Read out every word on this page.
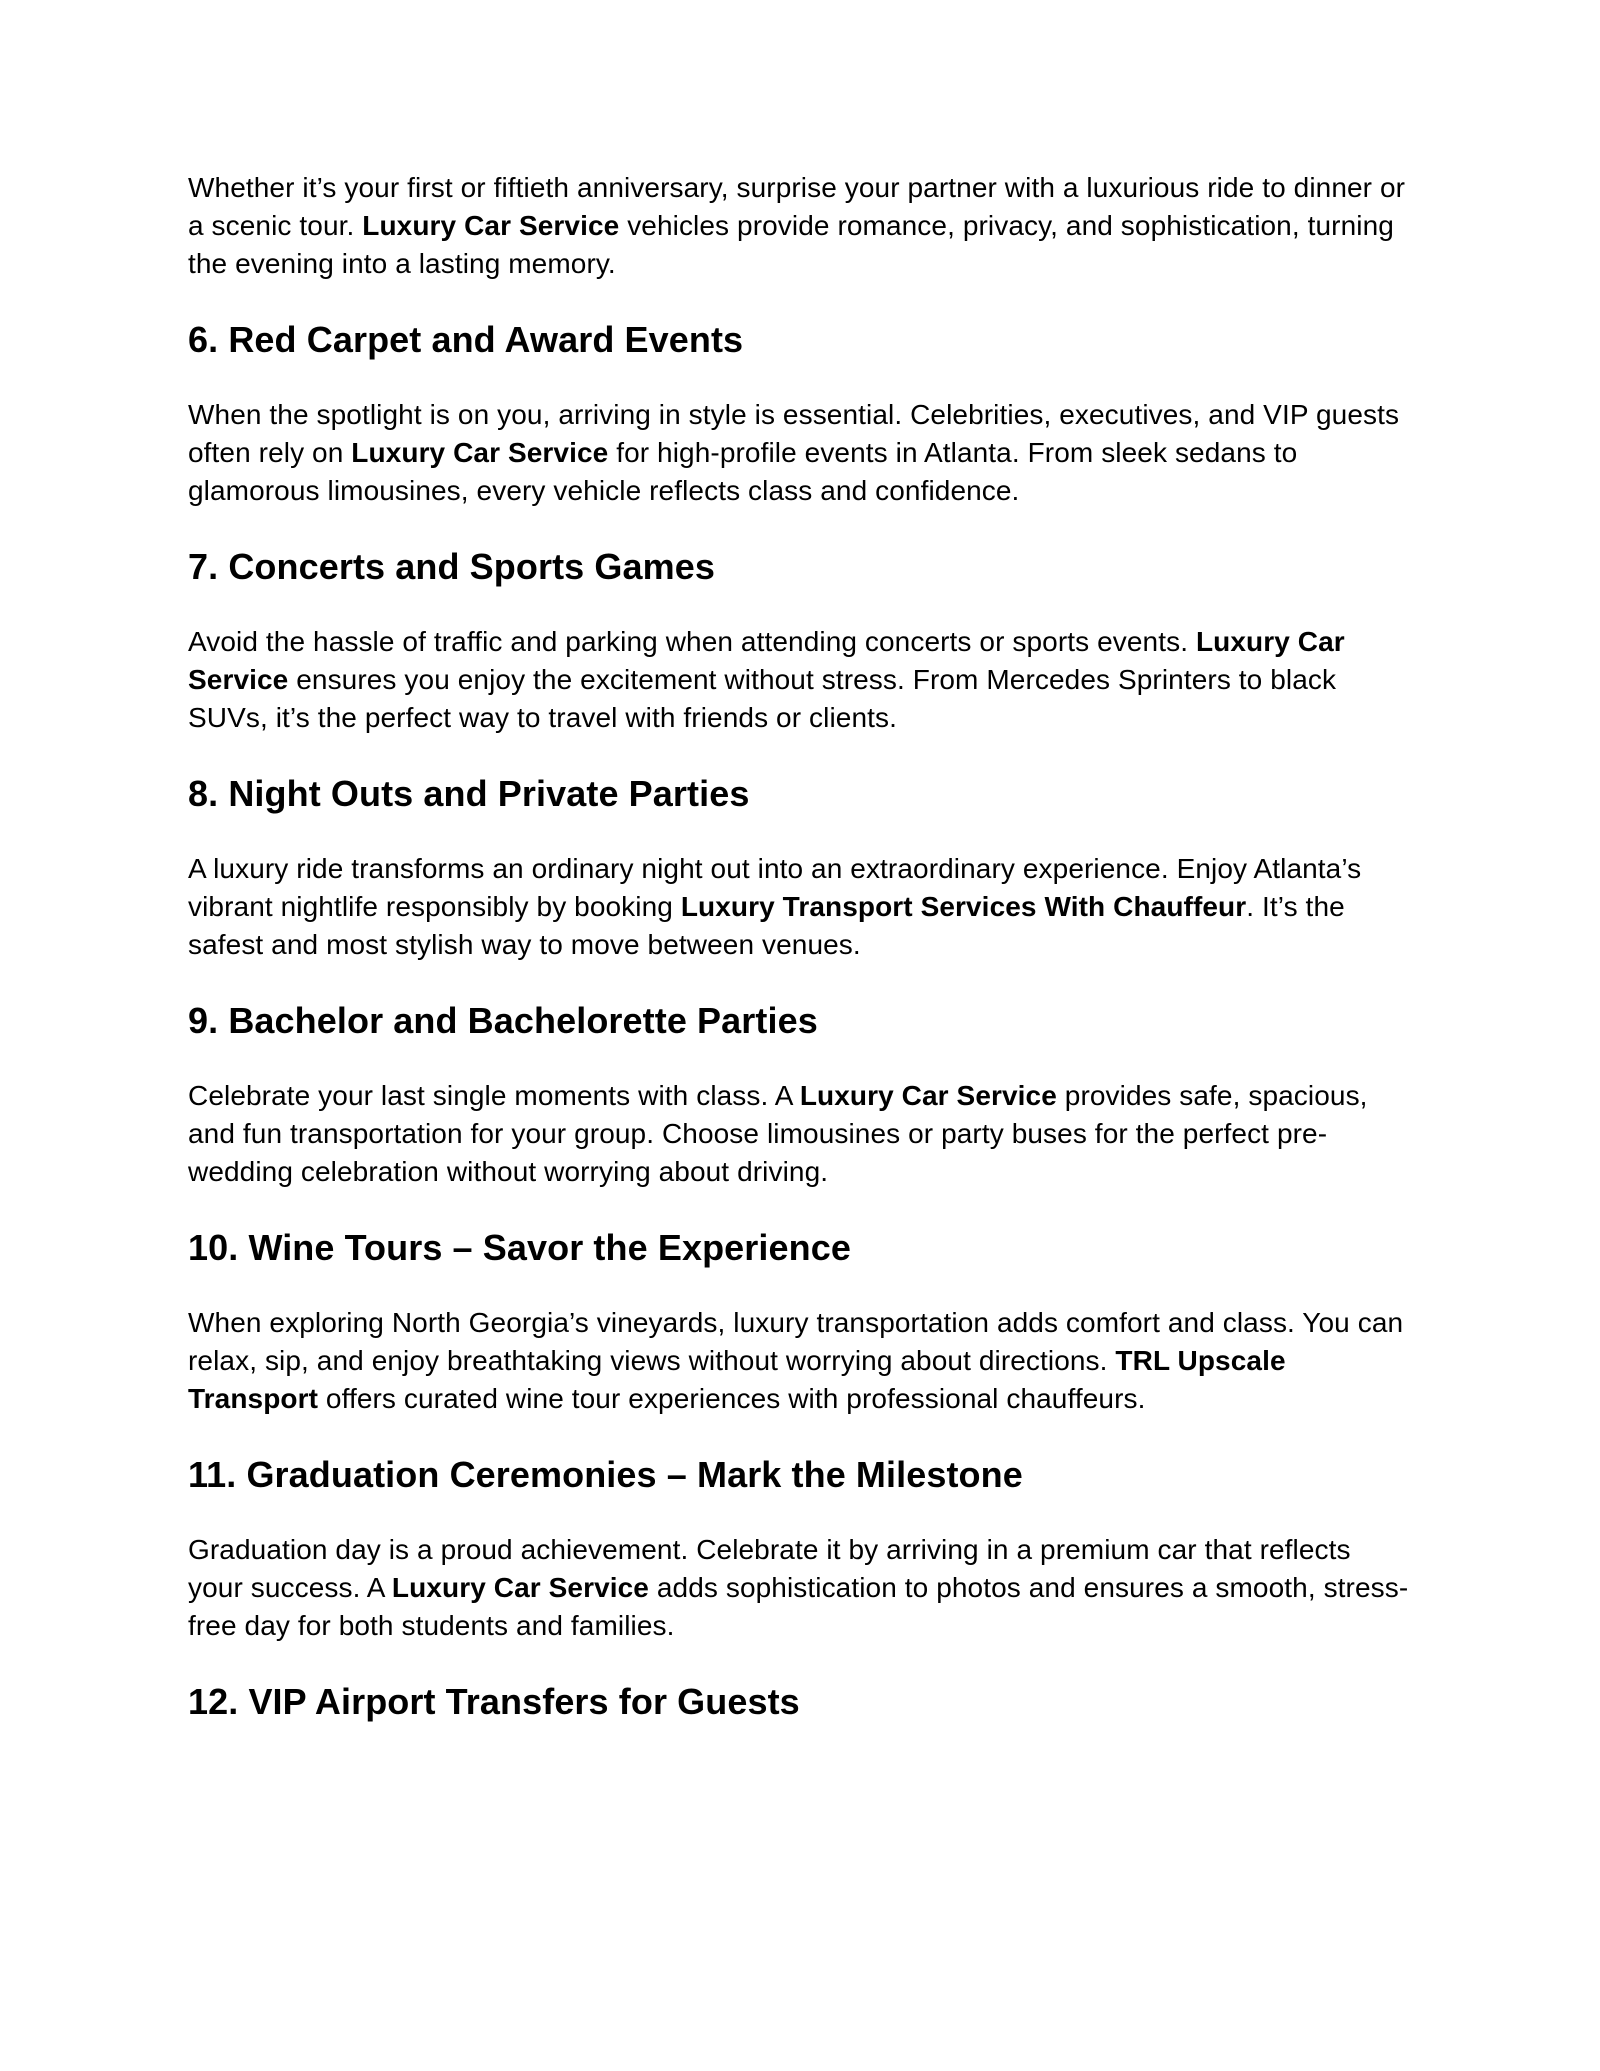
Whether it’s your first or fiftieth anniversary, surprise your partner with a luxurious ride to dinner or a scenic tour. Luxury Car Service vehicles provide romance, privacy, and sophistication, turning the evening into a lasting memory.

6. Red Carpet and Award Events

When the spotlight is on you, arriving in style is essential. Celebrities, executives, and VIP guests often rely on Luxury Car Service for high-profile events in Atlanta. From sleek sedans to glamorous limousines, every vehicle reflects class and confidence.

7. Concerts and Sports Games

Avoid the hassle of traffic and parking when attending concerts or sports events. Luxury Car Service ensures you enjoy the excitement without stress. From Mercedes Sprinters to black SUVs, it’s the perfect way to travel with friends or clients.

8. Night Outs and Private Parties

A luxury ride transforms an ordinary night out into an extraordinary experience. Enjoy Atlanta’s vibrant nightlife responsibly by booking Luxury Transport Services With Chauffeur. It’s the safest and most stylish way to move between venues.

9. Bachelor and Bachelorette Parties

Celebrate your last single moments with class. A Luxury Car Service provides safe, spacious, and fun transportation for your group. Choose limousines or party buses for the perfect pre-wedding celebration without worrying about driving.

10. Wine Tours – Savor the Experience

When exploring North Georgia’s vineyards, luxury transportation adds comfort and class. You can relax, sip, and enjoy breathtaking views without worrying about directions. TRL Upscale Transport offers curated wine tour experiences with professional chauffeurs.

11. Graduation Ceremonies – Mark the Milestone

Graduation day is a proud achievement. Celebrate it by arriving in a premium car that reflects your success. A Luxury Car Service adds sophistication to photos and ensures a smooth, stress-free day for both students and families.

12. VIP Airport Transfers for Guests
